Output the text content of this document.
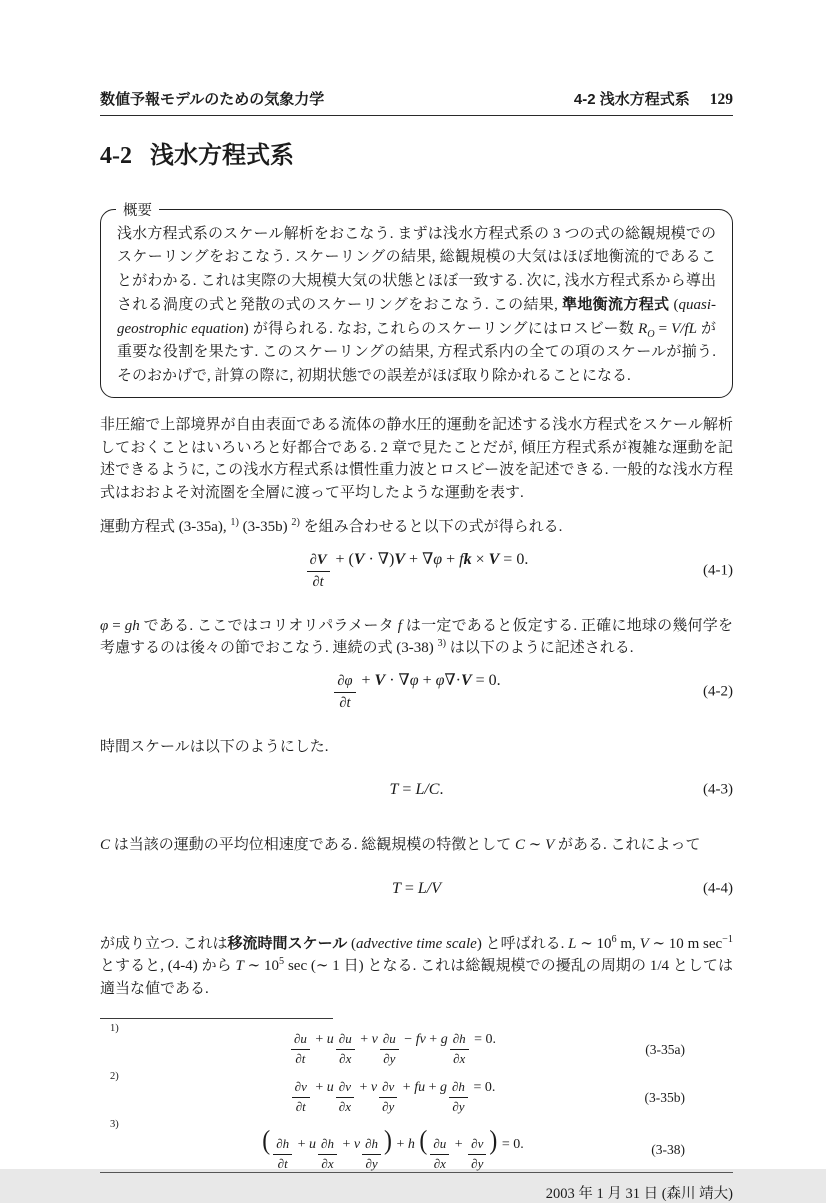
数値予報モデルのための気象力学	4-2 浅水方程式系 129
4-2 浅水方程式系
概要
浅水方程式系のスケール解析をおこなう. まずは浅水方程式系の 3 つの式の総観規模でのスケーリングをおこなう. スケーリングの結果, 総観規模の大気はほぼ地衡流的であることがわかる. これは実際の大規模大気の状態とほぼ一致する. 次に, 浅水方程式系から導出される渦度の式と発散の式のスケーリングをおこなう. この結果, 準地衡流方程式 (quasi-geostrophic equation) が得られる. なお, これらのスケーリングにはロスビー数 $R_O = V/fL$ が重要な役割を果たす. このスケーリングの結果, 方程式系内の全ての項のスケールが揃う. そのおかげで, 計算の際に, 初期状態での誤差がほぼ取り除かれることになる.

非圧縮で上部境界が自由表面である流体の静水圧的運動を記述する浅水方程式をスケール解析しておくことはいろいろと好都合である. 2 章で見たことだが, 傾圧方程式系が複雑な運動を記述できるように, この浅水方程式系は慣性重力波とロスビー波を記述できる. 一般的な浅水方程式はおおよそ対流圏を全層に渡って平均したような運動を表す.

運動方程式 (3-35a), $^{1)}$ (3-35b) $^{2)}$ を組み合わせると以下の式が得られる.

$\frac{\partial V}{\partial t} + (V \cdot \nabla)V + \nabla\varphi$ + fk × V = 0.
(4-1)

φ = gh である. ここではコリオリパラメータ f は一定であると仮定する. 正確に地球の幾何学を考慮するのは後々の節でおこなう. 連続の式 (3-38) $^{3)}$ は以下のように記述される.

$\frac{\partial\varphi}{\partial t} + V \cdot \nabla\varphi + \varphi\nabla\cdot V = 0$.
(4-2)

時間スケールは以下のようにした.

T = L/C.	(4-3)

C は当該の運動の平均位相速度である. 総観規模の特徴として C ∼ V がある. これによって

T = L/V	(4-4)

が成り立つ. これは移流時間スケール (advective time scale) と呼ばれる. L ∼ $10^6$ m, V ∼ 10 m $\sec^{-1}$ とすると, (4-4) から T ∼ $10^5$ sec (∼ 1 日) となる. これは総観規模での擾乱の周期の 1/4 としては適当な値である.

1)
$\frac{\partial u}{\partial t} + u \frac{\partial u}{\partial x} + v \frac{\partial u}{\partial y}$ − fv + g $\frac{\partial h}{\partial x} = 0$.
(3-35a)
2)
$\frac{\partial v}{\partial t} + u \frac{\partial v}{\partial x} + v \frac{\partial v}{\partial y}$ + fu + g $\frac{\partial h}{\partial y} = 0$.
(3-35b)
3)
( $\frac{\partial h}{\partial t} + u \frac{\partial h}{\partial x} + v \frac{\partial h}{\partial y}$ ) + h ( $\frac{\partial u}{\partial x} + \frac{\partial v}{\partial y}$ ) = 0.	(3-38)
2003 年 1 月 31 日 (森川 靖大)
